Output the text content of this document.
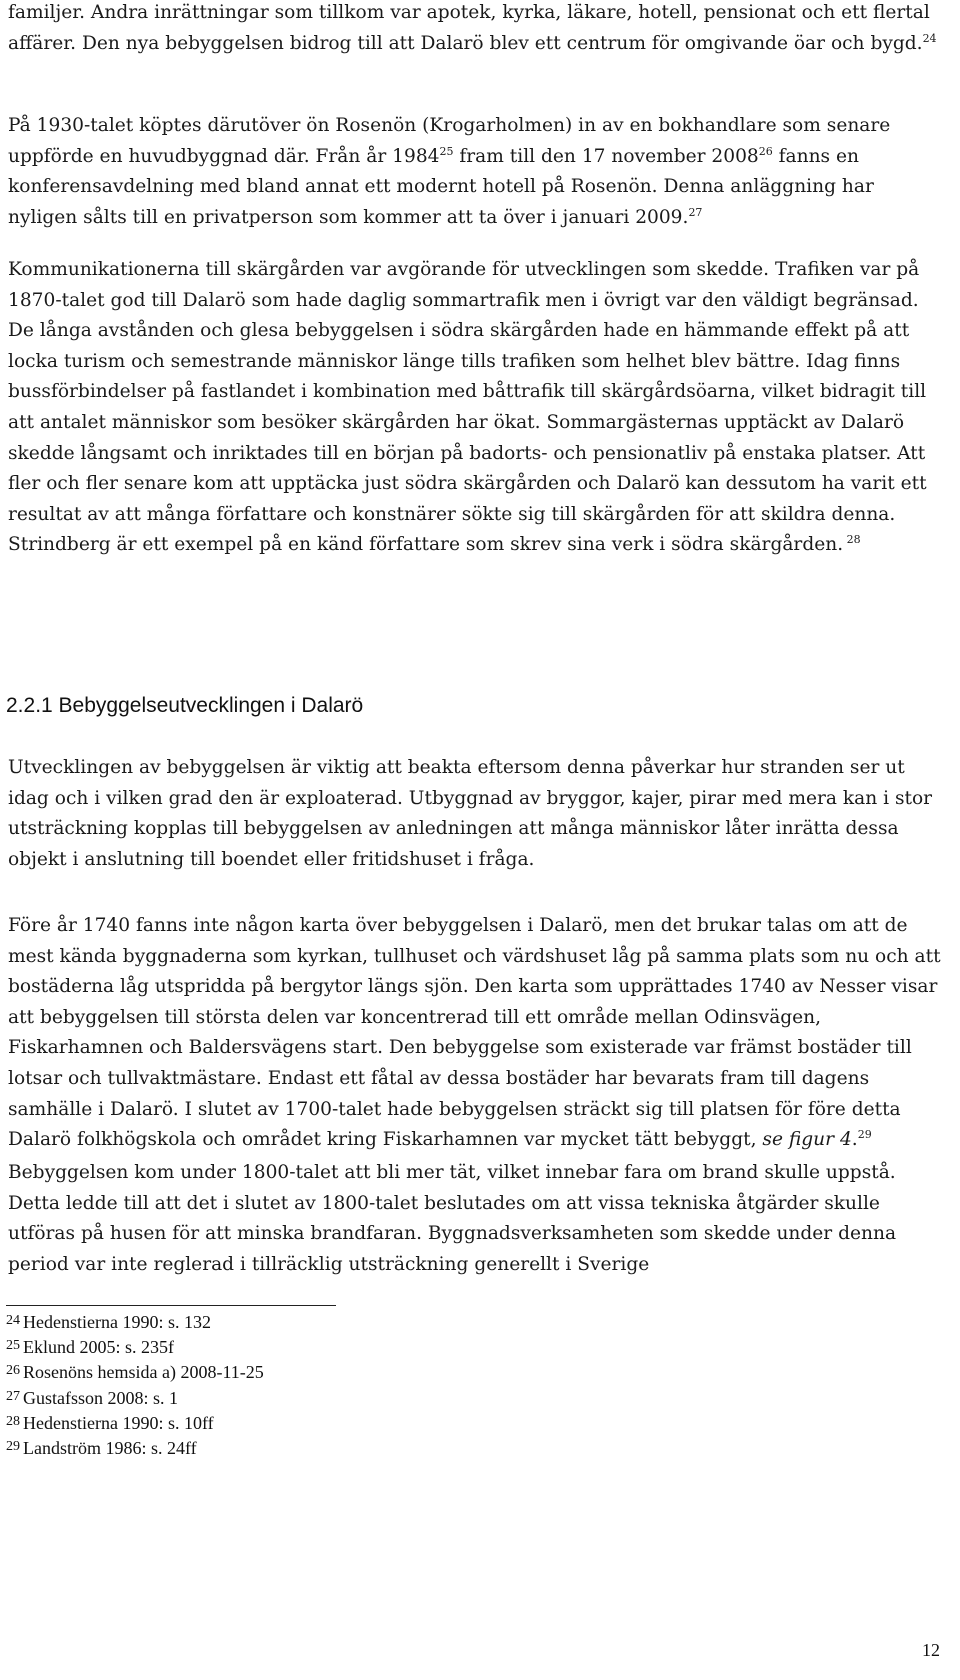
familjer. Andra inrättningar som tillkom var apotek, kyrka, läkare, hotell, pensionat och ett flertal affärer. Den nya bebyggelsen bidrog till att Dalarö blev ett centrum för omgivande öar och bygd.$^{24}$

På 1930-talet köptes därutöver ön Rosenön (Krogarholmen) in av en bokhandlare som senare uppförde en huvudbyggnad där. Från år 1984$^{25}$ fram till den 17 november 2008$^{26}$ fanns en konferensavdelning med bland annat ett modernt hotell på Rosenön. Denna anläggning har nyligen sålts till en privatperson som kommer att ta över i januari 2009.27

Kommunikationerna till skärgården var avgörande för utvecklingen som skedde. Trafiken var på 1870-talet god till Dalarö som hade daglig sommartrafik men i övrigt var den väldigt begränsad. De långa avstånden och glesa bebyggelsen i södra skärgården hade en hämmande effekt på att locka turism och semestrande människor länge tills trafiken som helhet blev bättre. Idag finns bussförbindelser på fastlandet i kombination med båttrafik till skärgårdsöarna, vilket bidragit till att antalet människor som besöker skärgården har ökat. Sommargästernas upptäckt av Dalarö skedde långsamt och inriktades till en början på badorts- och pensionatliv på enstaka platser. Att fler och fler senare kom att upptäcka just södra skärgården och Dalarö kan dessutom ha varit ett resultat av att många författare och konstnärer sökte sig till skärgården för att skildra denna. Strindberg är ett exempel på en känd författare som skrev sina verk i södra skärgården. $^{28}$

2.2.1 Bebyggelseutvecklingen i Dalarö

Utvecklingen av bebyggelsen är viktig att beakta eftersom denna påverkar hur stranden ser ut idag och i vilken grad den är exploaterad. Utbyggnad av bryggor, kajer, pirar med mera kan i stor utsträckning kopplas till bebyggelsen av anledningen att många människor låter inrätta dessa objekt i anslutning till boendet eller fritidshuset i fråga.

Före år 1740 fanns inte någon karta över bebyggelsen i Dalarö, men det brukar talas om att de mest kända byggnaderna som kyrkan, tullhuset och värdshuset låg på samma plats som nu och att bostäderna låg utspridda på bergytor längs sjön. Den karta som upprättades 1740 av Nesser visar att bebyggelsen till största delen var koncentrerad till ett område mellan Odinsvägen, Fiskarhamnen och Baldersvägens start. Den bebyggelse som existerade var främst bostäder till lotsar och tullvaktmästare. Endast ett fåtal av dessa bostäder har bevarats fram till dagens samhälle i Dalarö. I slutet av 1700-talet hade bebyggelsen sträckt sig till platsen för före detta Dalarö folkhögskola och området kring Fiskarhamnen var mycket tätt bebyggt, se figur 4.29

Bebyggelsen kom under 1800-talet att bli mer tät, vilket innebar fara om brand skulle uppstå. Detta ledde till att det i slutet av 1800-talet beslutades om att vissa tekniska åtgärder skulle utföras på husen för att minska brandfaran. Byggnadsverksamheten som skedde under denna period var inte reglerad i tillräcklig utsträckning generellt i Sverige

$^{24}$ Hedenstierna 1990: s. 132
$^{25}$ Eklund 2005: s. 235f
$^{26}$ Rosenöns hemsida a) 2008-11-25
$^{27}$ Gustafsson 2008: s. 1
$^{28}$ Hedenstierna 1990: s. 10ff
$^{29}$ Landström 1986: s. 24ff
12
